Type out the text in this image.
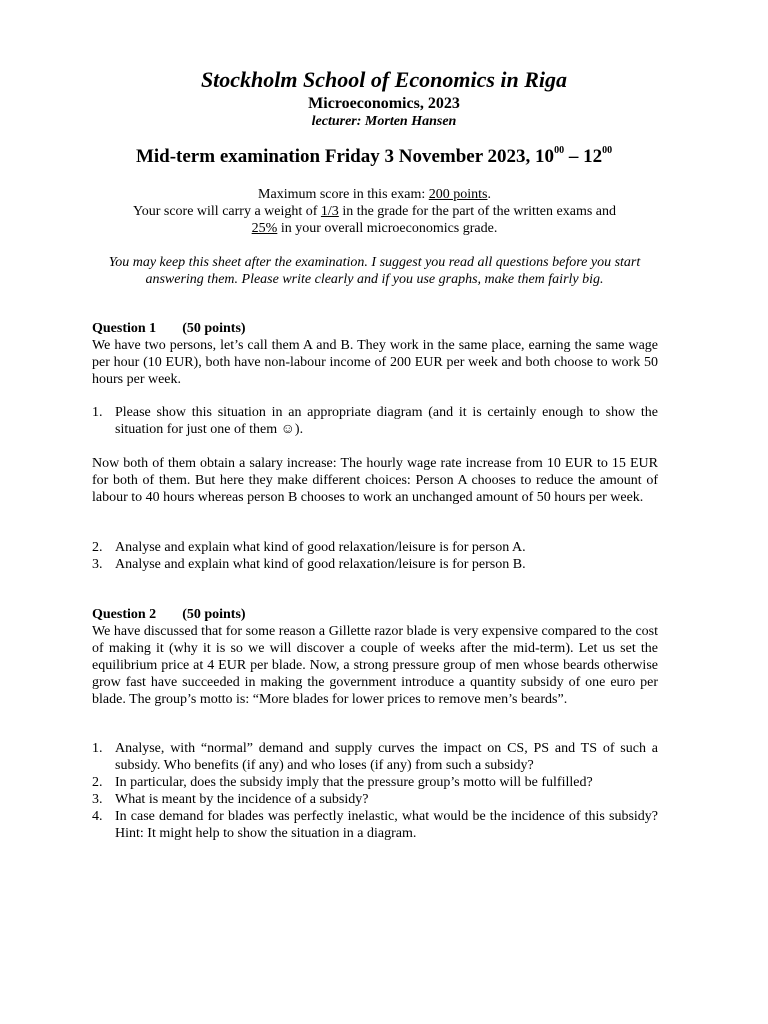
Stockholm School of Economics in Riga
Microeconomics, 2023
lecturer: Morten Hansen
Mid-term examination Friday 3 November 2023, $10^{00} - 12^{00}$
Maximum score in this exam: 200 points.
Your score will carry a weight of 1/3 in the grade for the part of the written exams and
25% in your overall microeconomics grade.
You may keep this sheet after the examination. I suggest you read all questions before you start answering them. Please write clearly and if you use graphs, make them fairly big.
Question 1 (50 points)
We have two persons, let’s call them A and B. They work in the same place, earning the same wage per hour (10 EUR), both have non-labour income of 200 EUR per week and both choose to work 50 hours per week.
1. Please show this situation in an appropriate diagram (and it is certainly enough to show the situation for just one of them ☺).
Now both of them obtain a salary increase: The hourly wage rate increase from 10 EUR to 15 EUR for both of them. But here they make different choices: Person A chooses to reduce the amount of labour to 40 hours whereas person B chooses to work an unchanged amount of 50 hours per week.
2. Analyse and explain what kind of good relaxation/leisure is for person A.
3. Analyse and explain what kind of good relaxation/leisure is for person B.
Question 2 (50 points)
We have discussed that for some reason a Gillette razor blade is very expensive compared to the cost of making it (why it is so we will discover a couple of weeks after the mid-term). Let us set the equilibrium price at 4 EUR per blade. Now, a strong pressure group of men whose beards otherwise grow fast have succeeded in making the government introduce a quantity subsidy of one euro per blade. The group’s motto is: “More blades for lower prices to remove men’s beards”.
1. Analyse, with “normal” demand and supply curves the impact on CS, PS and TS of such a subsidy. Who benefits (if any) and who loses (if any) from such a subsidy?
2. In particular, does the subsidy imply that the pressure group’s motto will be fulfilled?
3. What is meant by the incidence of a subsidy?
4. In case demand for blades was perfectly inelastic, what would be the incidence of this subsidy? Hint: It might help to show the situation in a diagram.
